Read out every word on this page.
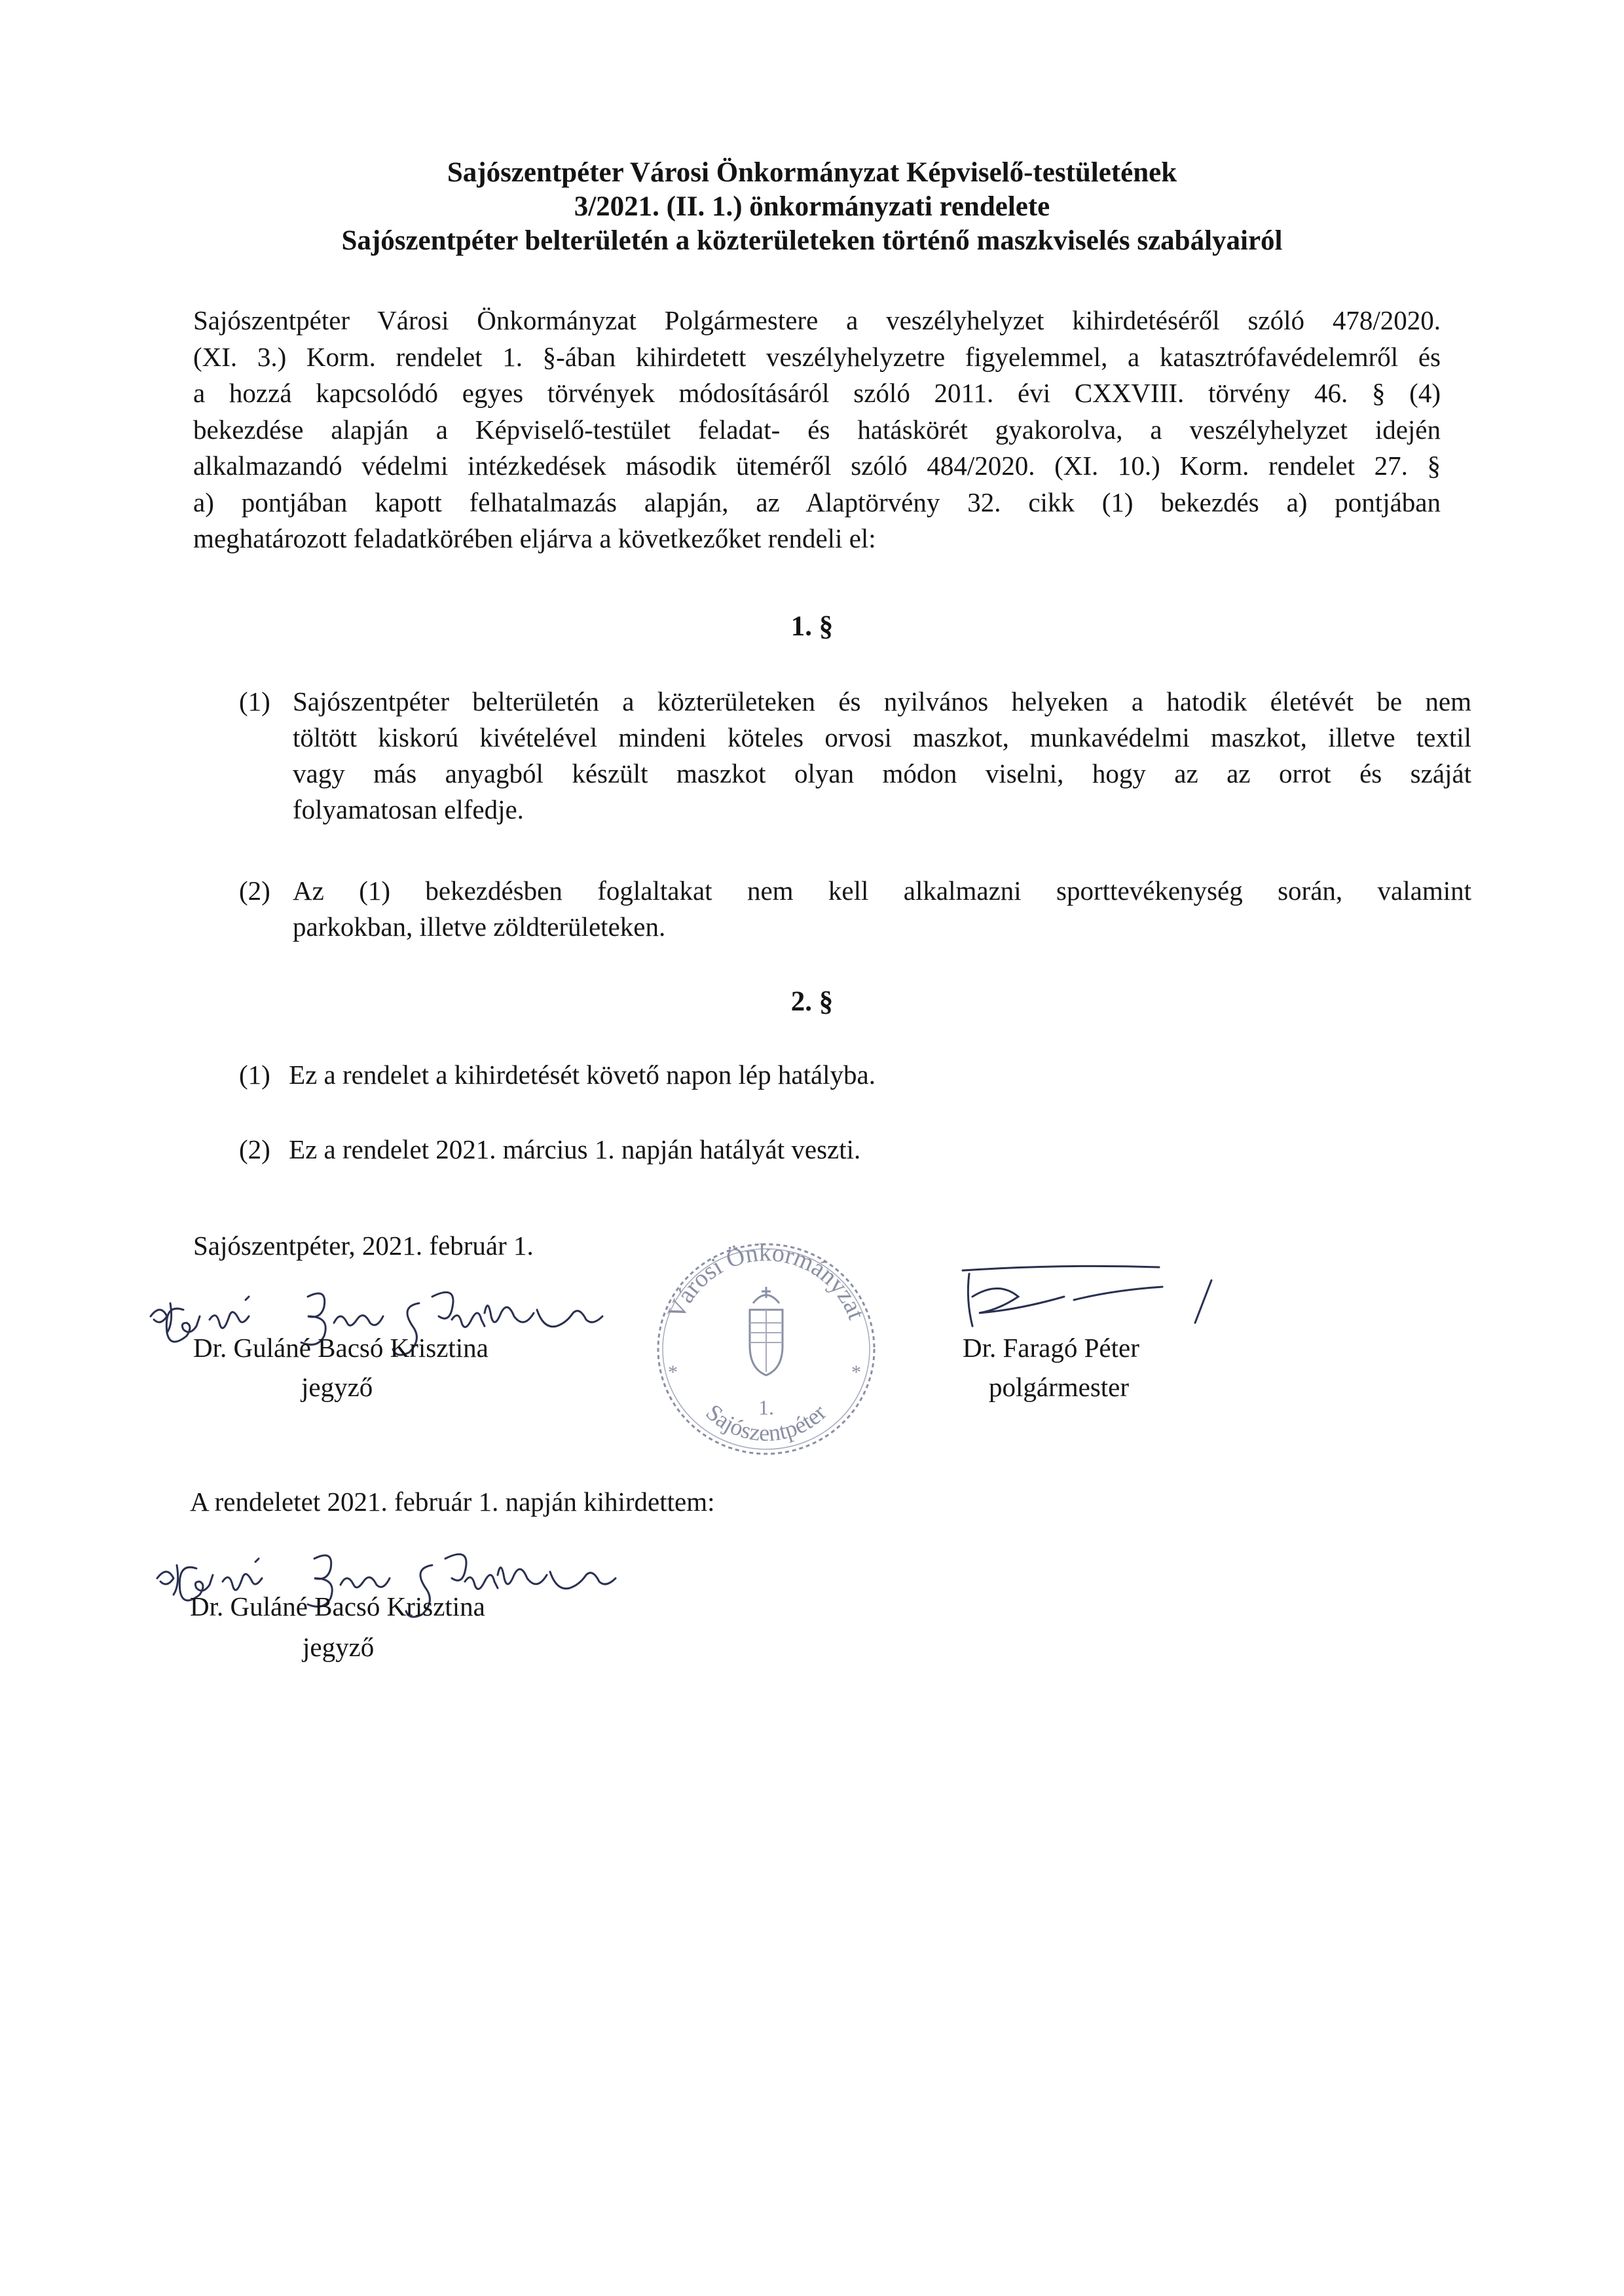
Sajószentpéter Városi Önkormányzat Képviselő-testületének
3/2021. (II. 1.) önkormányzati rendelete
Sajószentpéter belterületén a közterületeken történő maszkviselés szabályairól
Sajószentpéter Városi Önkormányzat Polgármestere a veszélyhelyzet kihirdetéséről szóló 478/2020.
(XI. 3.) Korm. rendelet 1. §-ában kihirdetett veszélyhelyzetre figyelemmel, a katasztrófavédelemről és
a hozzá kapcsolódó egyes törvények módosításáról szóló 2011. évi CXXVIII. törvény 46. § (4)
bekezdése alapján a Képviselő-testület feladat- és hatáskörét gyakorolva, a veszélyhelyzet idején
alkalmazandó védelmi intézkedések második üteméről szóló 484/2020. (XI. 10.) Korm. rendelet 27. §
a) pontjában kapott felhatalmazás alapján, az Alaptörvény 32. cikk (1) bekezdés a) pontjában
meghatározott feladatkörében eljárva a következőket rendeli el:
1. §
(1) Sajószentpéter belterületén a közterületeken és nyilvános helyeken a hatodik életévét be nem
töltött kiskorú kivételével mindeni köteles orvosi maszkot, munkavédelmi maszkot, illetve textil
vagy más anyagból készült maszkot olyan módon viselni, hogy az az orrot és száját
folyamatosan elfedje.
(2) Az (1) bekezdésben foglaltakat nem kell alkalmazni sporttevékenység során, valamint
parkokban, illetve zöldterületeken.
2. §
(1) Ez a rendelet a kihirdetését követő napon lép hatályba.
(2) Ez a rendelet 2021. március 1. napján hatályát veszti.
Sajószentpéter, 2021. február 1.
Dr. Guláné Bacsó Krisztina
jegyző
Városi Önkormányzat
1.
Sajószentpéter
*	*
Dr. Faragó Péter
polgármester
A rendeletet 2021. február 1. napján kihirdettem:
Dr. Guláné Bacsó Krisztina
jegyző
